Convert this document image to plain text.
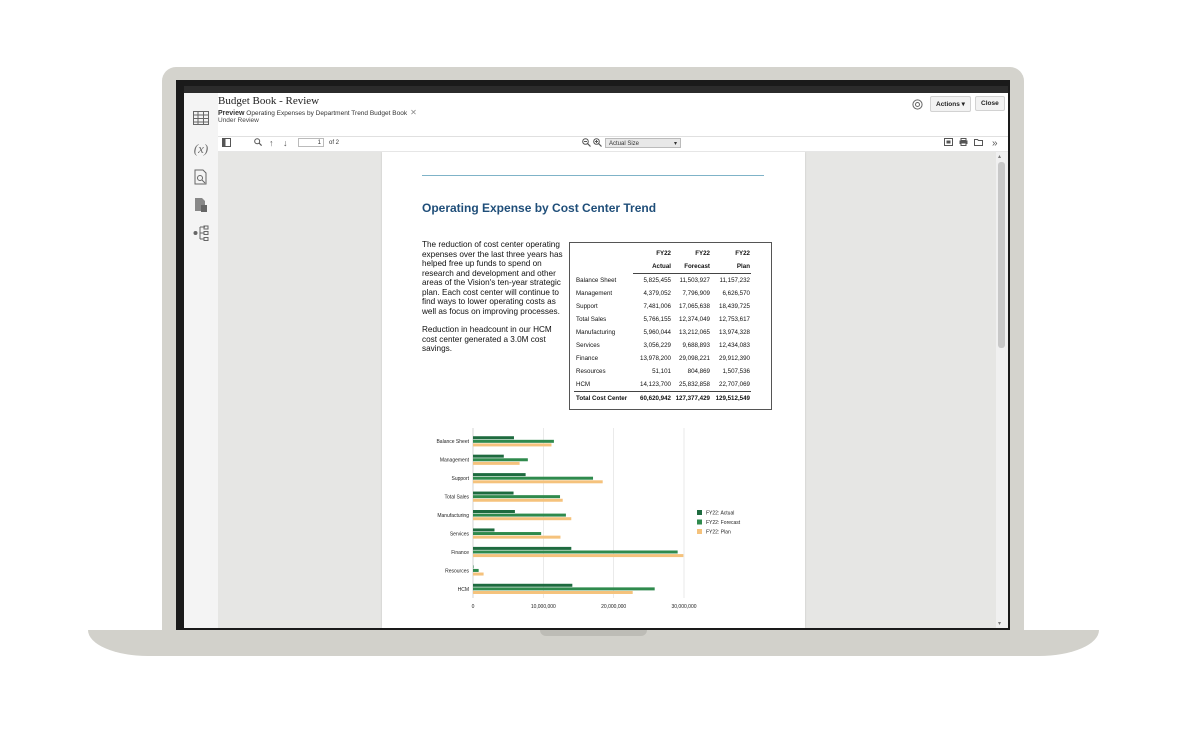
(x)
Budget Book - Review
Preview Operating Expenses by Department Trend Budget Book ✕
Under Review
Actions ▾	Close
↑ ↓	1	of 2	Actual Size	▾	»
Operating Expense by Cost Center Trend

The reduction of cost center operating expenses over the last three years has helped free up funds to spend on research and development and other areas of the Vision's ten-year strategic plan. Each cost center will continue to find ways to lower operating costs as well as focus on improving processes.

Reduction in headcount in our HCM cost center generated a 3.0M cost savings.

	FY22	FY22	FY22
	Actual	Forecast	Plan
Balance Sheet	5,825,455	11,503,927	11,157,232
Management	4,379,052	7,796,909	6,626,570
Support	7,481,006	17,065,638	18,439,725
Total Sales	5,766,155	12,374,049	12,753,617
Manufacturing	5,960,044	13,212,065	13,974,328
Services	3,056,229	9,688,893	12,434,083
Finance	13,978,200	29,098,221	29,912,390
Resources	51,101	804,869	1,507,536
HCM	14,123,700	25,832,858	22,707,069
Total Cost Center	60,620,942	127,377,429	129,512,549
Balance Sheet
Management
Support
Total Sales
Manufacturing
Services
Finance
Resources
HCM
0	10,000,000	20,000,000	30,000,000
FY22: Actual
FY22: Forecast
FY22: Plan
▴
▾
